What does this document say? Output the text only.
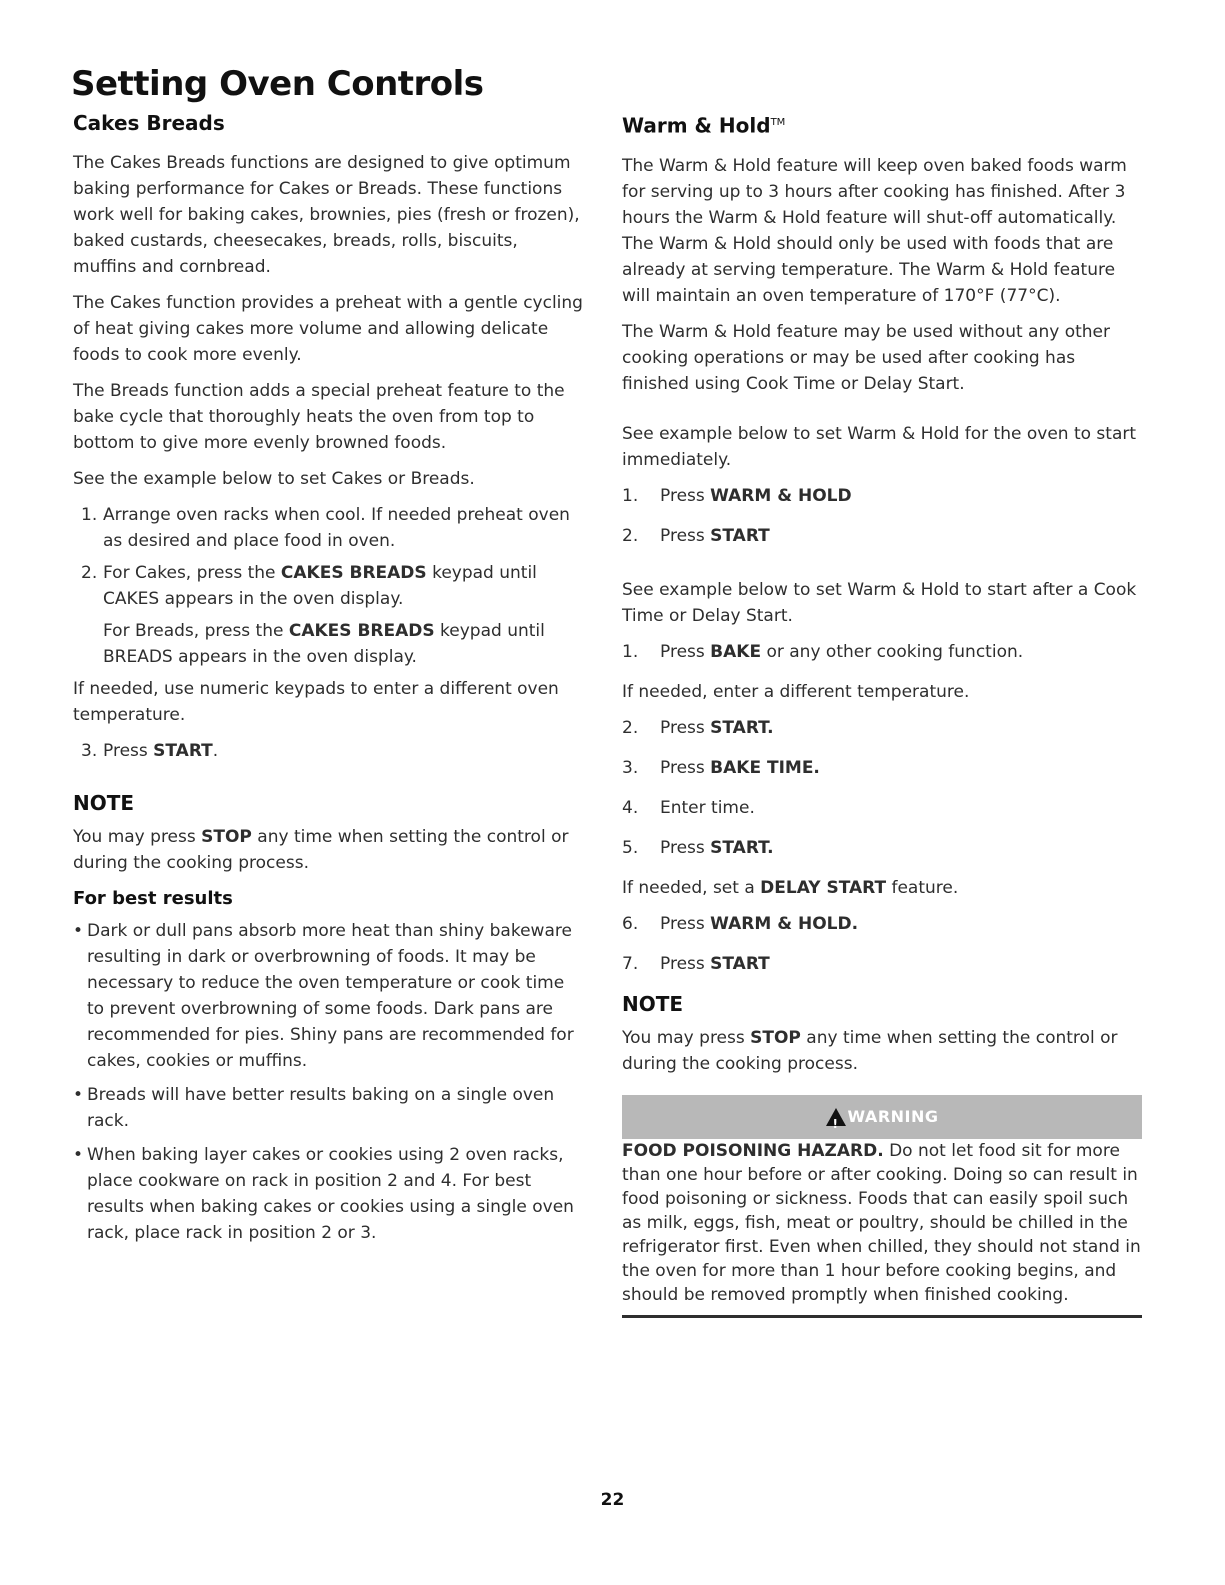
Setting Oven Controls
Cakes Breads

The Cakes Breads functions are designed to give optimum baking performance for Cakes or Breads. These functions work well for baking cakes, brownies, pies (fresh or frozen), baked custards, cheesecakes, breads, rolls, biscuits, muffins and cornbread.

The Cakes function provides a preheat with a gentle cycling of heat giving cakes more volume and allowing delicate foods to cook more evenly.

The Breads function adds a special preheat feature to the bake cycle that thoroughly heats the oven from top to bottom to give more evenly browned foods.

See the example below to set Cakes or Breads.

1. Arrange oven racks when cool. If needed preheat oven as desired and place food in oven.
2. For Cakes, press the CAKES BREADS keypad until CAKES appears in the oven display.
For Breads, press the CAKES BREADS keypad until BREADS appears in the oven display.

If needed, use numeric keypads to enter a different oven temperature.

3. Press START.
NOTE

You may press STOP any time when setting the control or during the cooking process.

For best results
• Dark or dull pans absorb more heat than shiny bakeware resulting in dark or overbrowning of foods. It may be necessary to reduce the oven temperature or cook time to prevent overbrowning of some foods. Dark pans are recommended for pies. Shiny pans are recommended for cakes, cookies or muffins.
• Breads will have better results baking on a single oven rack.
• When baking layer cakes or cookies using 2 oven racks, place cookware on rack in position 2 and 4. For best results when baking cakes or cookies using a single oven rack, place rack in position 2 or 3.
Warm & Hold™

The Warm & Hold feature will keep oven baked foods warm for serving up to 3 hours after cooking has finished. After 3 hours the Warm & Hold feature will shut-off automatically. The Warm & Hold should only be used with foods that are already at serving temperature. The Warm & Hold feature will maintain an oven temperature of 170°F (77°C).

The Warm & Hold feature may be used without any other cooking operations or may be used after cooking has finished using Cook Time or Delay Start.

See example below to set Warm & Hold for the oven to start immediately.

1. Press WARM & HOLD
2. Press START

See example below to set Warm & Hold to start after a Cook Time or Delay Start.

1. Press BAKE or any other cooking function.

If needed, enter a different temperature.

2. Press START.
3. Press BAKE TIME.
4. Enter time.
5. Press START.

If needed, set a DELAY START feature.

6. Press WARM & HOLD.
7. Press START
NOTE

You may press STOP any time when setting the control or during the cooking process.

! WARNING

FOOD POISONING HAZARD. Do not let food sit for more than one hour before or after cooking. Doing so can result in food poisoning or sickness. Foods that can easily spoil such as milk, eggs, fish, meat or poultry, should be chilled in the refrigerator first. Even when chilled, they should not stand in the oven for more than 1 hour before cooking begins, and should be removed promptly when finished cooking.

22
